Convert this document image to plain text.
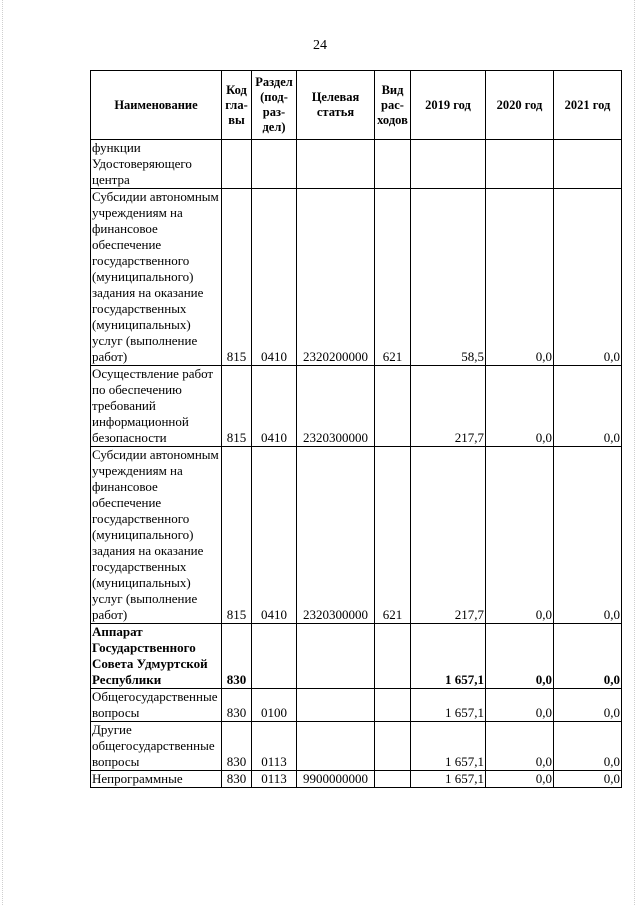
24
Наименование	Код гла- вы	Раздел (под- раз- дел)	Целевая статья	Вид рас- ходов	2019 год	2020 год	2021 год
функции Удостоверяющего центра							
Субсидии автономным учреждениям на финансовое обеспечение государственного (муниципального) задания на оказание государственных (муниципальных) услуг (выполнение работ)	815	0410	2320200000	621	58,5	0,0	0,0
Осуществление работ по обеспечению требований информационной безопасности	815	0410	2320300000		217,7	0,0	0,0
Субсидии автономным учреждениям на финансовое обеспечение государственного (муниципального) задания на оказание государственных (муниципальных) услуг (выполнение работ)	815	0410	2320300000	621	217,7	0,0	0,0
Аппарат Государственного Совета Удмуртской Республики	830				1 657,1	0,0	0,0
Общегосударственные вопросы	830	0100			1 657,1	0,0	0,0
Другие общегосударственные вопросы	830	0113			1 657,1	0,0	0,0
Непрограммные	830	0113	9900000000		1 657,1	0,0	0,0
